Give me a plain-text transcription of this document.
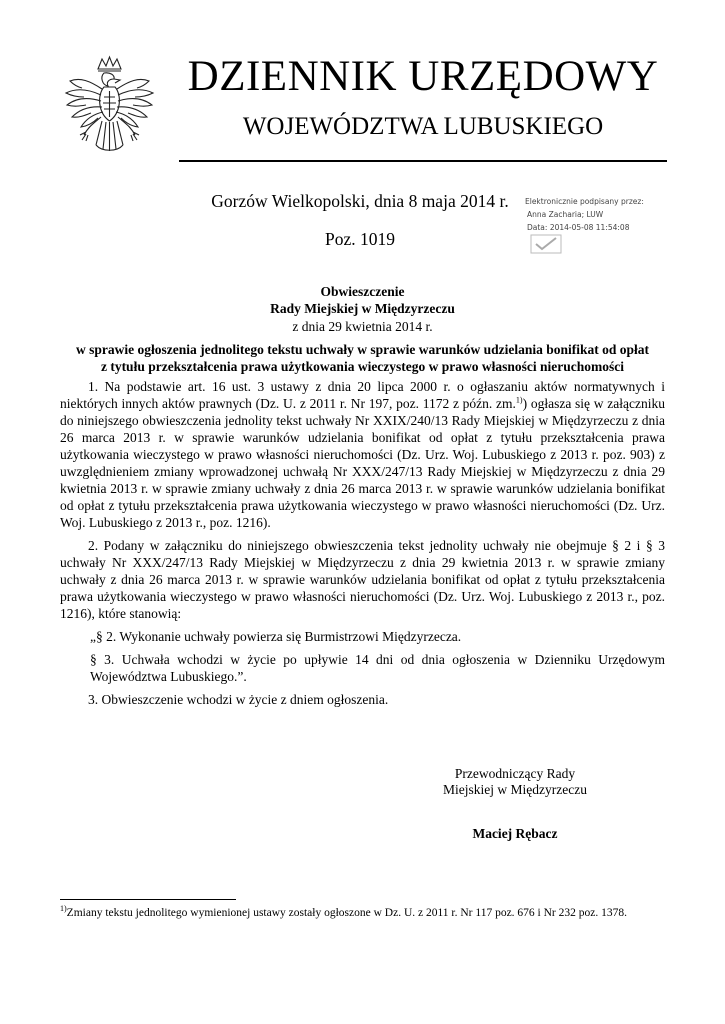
DZIENNIK URZĘDOWY
WOJEWÓDZTWA LUBUSKIEGO
Gorzów Wielkopolski, dnia 8 maja 2014 r.
Poz. 1019
Elektronicznie podpisany przez:
Anna Zacharia; LUW
Data: 2014-05-08 11:54:08
Obwieszczenie
Rady Miejskiej w Międzyrzeczu
z dnia 29 kwietnia 2014 r.
w sprawie ogłoszenia jednolitego tekstu uchwały w sprawie warunków udzielania bonifikat od opłat
z tytułu przekształcenia prawa użytkowania wieczystego w prawo własności nieruchomości

1. Na podstawie art. 16 ust. 3 ustawy z dnia 20 lipca 2000 r. o ogłaszaniu aktów normatywnych i niektórych innych aktów prawnych (Dz. U. z 2011 r. Nr 197, poz. 1172 z późn. zm.$^{1)}$) ogłasza się w załączniku do niniejszego obwieszczenia jednolity tekst uchwały Nr XXIX/240/13 Rady Miejskiej w Międzyrzeczu z dnia 26 marca 2013 r. w sprawie warunków udzielania bonifikat od opłat z tytułu przekształcenia prawa użytkowania wieczystego w prawo własności nieruchomości (Dz. Urz. Woj. Lubuskiego z 2013 r. poz. 903) z uwzględnieniem zmiany wprowadzonej uchwałą Nr XXX/247/13 Rady Miejskiej w Międzyrzeczu z dnia 29 kwietnia 2013 r. w sprawie zmiany uchwały z dnia 26 marca 2013 r. w sprawie warunków udzielania bonifikat od opłat z tytułu przekształcenia prawa użytkowania wieczystego w prawo własności nieruchomości (Dz. Urz. Woj. Lubuskiego z 2013 r., poz. 1216).

2. Podany w załączniku do niniejszego obwieszczenia tekst jednolity uchwały nie obejmuje § 2 i § 3 uchwały Nr XXX/247/13 Rady Miejskiej w Międzyrzeczu z dnia 29 kwietnia 2013 r. w sprawie zmiany uchwały z dnia 26 marca 2013 r. w sprawie warunków udzielania bonifikat od opłat z tytułu przekształcenia prawa użytkowania wieczystego w prawo własności nieruchomości (Dz. Urz. Woj. Lubuskiego z 2013 r., poz. 1216), które stanowią:

„§ 2. Wykonanie uchwały powierza się Burmistrzowi Międzyrzecza.

§ 3. Uchwała wchodzi w życie po upływie 14 dni od dnia ogłoszenia w Dzienniku Urzędowym Województwa Lubuskiego.”.

3. Obwieszczenie wchodzi w życie z dniem ogłoszenia.

Przewodniczący Rady
Miejskiej w Międzyrzeczu
Maciej Rębacz
$^{1)}$Zmiany tekstu jednolitego wymienionej ustawy zostały ogłoszone w Dz. U. z 2011 r. Nr 117 poz. 676 i Nr 232 poz. 1378.
